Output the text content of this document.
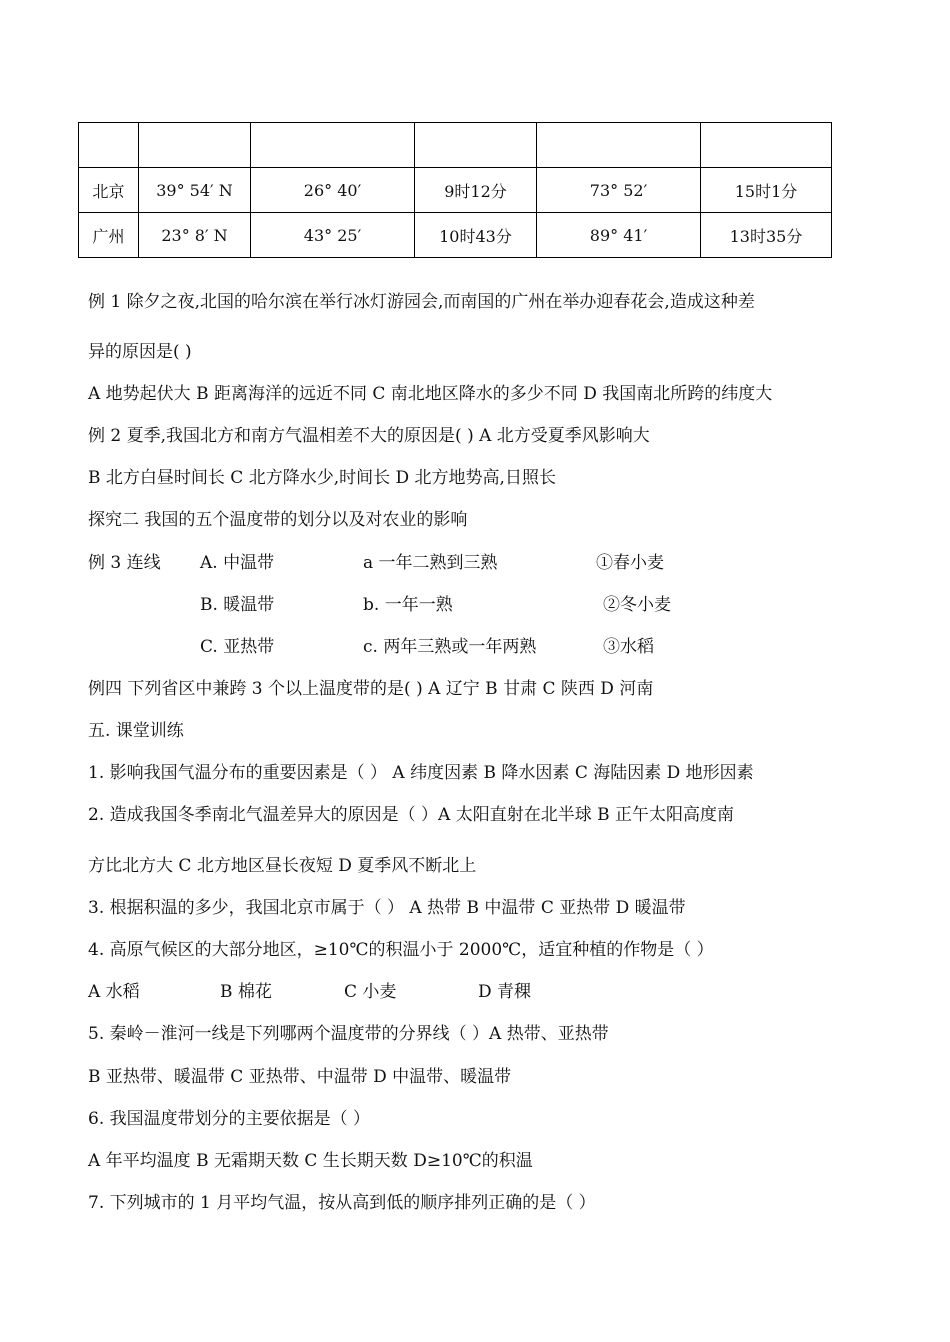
北京	39° 54′ N	26° 40′	9时12分	73° 52′	15时1分
广州	23° 8′ N	43° 25′	10时43分	89° 41′	13时35分
例 1 除夕之夜,北国的哈尔滨在举行冰灯游园会,而南国的广州在举办迎春花会,造成这种差
异的原因是( )
A 地势起伏大 B 距离海洋的远近不同 C 南北地区降水的多少不同 D 我国南北所跨的纬度大
例 2 夏季,我国北方和南方气温相差不大的原因是( ) A 北方受夏季风影响大
B 北方白昼时间长 C 北方降水少,时间长 D 北方地势高,日照长
探究二 我国的五个温度带的划分以及对农业的影响
例 3 连线 A. 中温带	a 一年二熟到三熟	①春小麦
B. 暖温带	b. 一年一熟	②冬小麦
C. 亚热带	c. 两年三熟或一年两熟	③水稻
例四 下列省区中兼跨 3 个以上温度带的是( ) A 辽宁 B 甘肃 C 陕西 D 河南
五. 课堂训练
1. 影响我国气温分布的重要因素是（ ） A 纬度因素 B 降水因素 C 海陆因素 D 地形因素
2. 造成我国冬季南北气温差异大的原因是（ ）A 太阳直射在北半球 B 正午太阳高度南
方比北方大 C 北方地区昼长夜短 D 夏季风不断北上
3. 根据积温的多少，我国北京市属于（ ） A 热带 B 中温带 C 亚热带 D 暖温带
4. 高原气候区的大部分地区，≥10℃的积温小于 2000℃，适宜种植的作物是（ ）
A 水稻	B 棉花	C 小麦	D 青稞
5. 秦岭－淮河一线是下列哪两个温度带的分界线（ ）A 热带、亚热带
B 亚热带、暖温带 C 亚热带、中温带 D 中温带、暖温带
6. 我国温度带划分的主要依据是（ ）
A 年平均温度 B 无霜期天数 C 生长期天数 D≥10℃的积温
7. 下列城市的 1 月平均气温，按从高到低的顺序排列正确的是（ ）
